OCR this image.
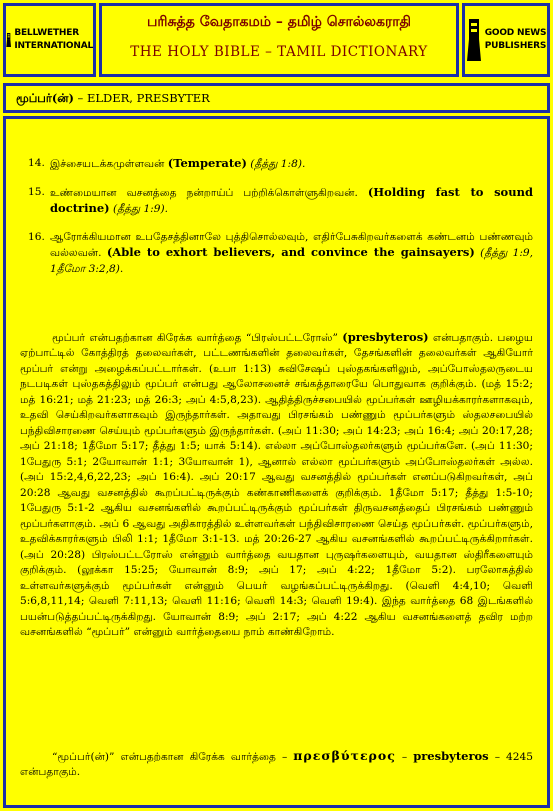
BELLWETHER
INTERNATIONAL
பரிசுத்த வேதாகமம் – தமிழ் சொல்லகராதி
THE HOLY BIBLE – TAMIL DICTIONARY
GOOD NEWS
PUBLISHERS
மூப்பர்(ன்) – ELDER, PRESBYTER
14. இச்சையடக்கமுள்ளவன் (Temperate) (தீத்து 1:8).
15. உண்மையான வசனத்தை நன்றாய்ப் பற்றிக்கொள்ளுகிறவன். (Holding fast to sound doctrine) (தீத்து 1:9).
16. ஆரோக்கியமான உபதேசத்தினாலே புத்திசொல்லவும், எதிர்பேசுகிறவர்களைக் கண்டனம் பண்ணவும் வல்லவன். (Able to exhort believers, and convince the gainsayers) (தீத்து 1:9, 1தீமோ 3:2,8).

மூப்பர் என்பதற்கான கிரேக்க வார்த்தை “பிரஸ்பட்டரோஸ்” (presbyteros) என்பதாகும். பழைய ஏற்பாட்டில் கோத்திரத் தலைவர்கள், பட்டணங்களின் தலைவர்கள், தேசங்களின் தலைவர்கள் ஆகியோர் மூப்பர் என்று அழைக்கப்பட்டார்கள். (உபா 1:13) சுவிசேஷப் புஸ்தகங்களிலும், அப்போஸ்தலருடைய நடபடிகள் புஸ்தகத்திலும் மூப்பர் என்பது ஆலோசனைச் சங்கத்தாரையே பொதுவாக குறிக்கும். (மத் 15:2; மத் 16:21; மத் 21:23; மத் 26:3; அப் 4:5,8,23). ஆதித்திருச்சபையில் மூப்பர்கள் ஊழியக்காரர்களாகவும், உதவி செய்கிறவர்களாகவும் இருந்தார்கள். அதாவது பிரசங்கம் பண்ணும் மூப்பர்களும் ஸ்தலசபையில் பந்திவிசாரணை செய்யும் மூப்பர்களும் இருந்தார்கள். (அப் 11:30; அப் 14:23; அப் 16:4; அப் 20:17,28; அப் 21:18; 1தீமோ 5:17; தீத்து 1:5; யாக் 5:14). எல்லா அப்போஸ்தலர்களும் மூப்பர்களே. (அப் 11:30; 1பேதுரு 5:1; 2யோவான் 1:1; 3யோவான் 1), ஆனால் எல்லா மூப்பர்களும் அப்போஸ்தலர்கள் அல்ல. (அப் 15:2,4,6,22,23; அப் 16:4). அப் 20:17 ஆவது வசனத்தில் மூப்பர்கள் எனப்படுகிறவர்கள், அப் 20:28 ஆவது வசனத்தில் கூறப்பட்டிருக்கும் கண்காணிகளைக் குறிக்கும். 1தீமோ 5:17; தீத்து 1:5-10; 1பேதுரு 5:1-2 ஆகிய வசனங்களில் கூறப்பட்டிருக்கும் மூப்பர்கள் திருவசனத்தைப் பிரசங்கம் பண்ணும் மூப்பர்களாகும். அப் 6 ஆவது அதிகாரத்தில் உள்ளவர்கள் பந்திவிசாரணை செய்த மூப்பர்கள். மூப்பர்களும், உதவிக்காரர்களும் பிலி 1:1; 1தீமோ 3:1-13. மத் 20:26-27 ஆகிய வசனங்களில் கூறப்பட்டிருக்கிறார்கள். (அப் 20:28) பிரஸ்பட்டரோஸ் என்னும் வார்த்தை வயதான புருஷர்களையும், வயதான ஸ்திரீகளையும் குறிக்கும். (லூக்கா 15:25; யோவான் 8:9; அப் 17; அப் 4:22; 1தீமோ 5:2). பரலோகத்தில் உள்ளவர்களுக்கும் மூப்பர்கள் என்னும் பெயர் வழங்கப்பட்டிருக்கிறது. (வெளி 4:4,10; வெளி 5:6,8,11,14; வெளி 7:11,13; வெளி 11:16; வெளி 14:3; வெளி 19:4). இந்த வார்த்தை 68 இடங்களில் பயன்படுத்தப்பட்டிருக்கிறது. யோவான் 8:9; அப் 2:17; அப் 4:22 ஆகிய வசனங்களைத் தவிர மற்ற வசனங்களில் “மூப்பர்” என்னும் வார்த்தையை நாம் காண்கிறோம்.

“மூப்பர்(ன்)” என்பதற்கான கிரேக்க வார்த்தை – πρεσβύτερος – presbyteros – 4245 என்பதாகும்.
